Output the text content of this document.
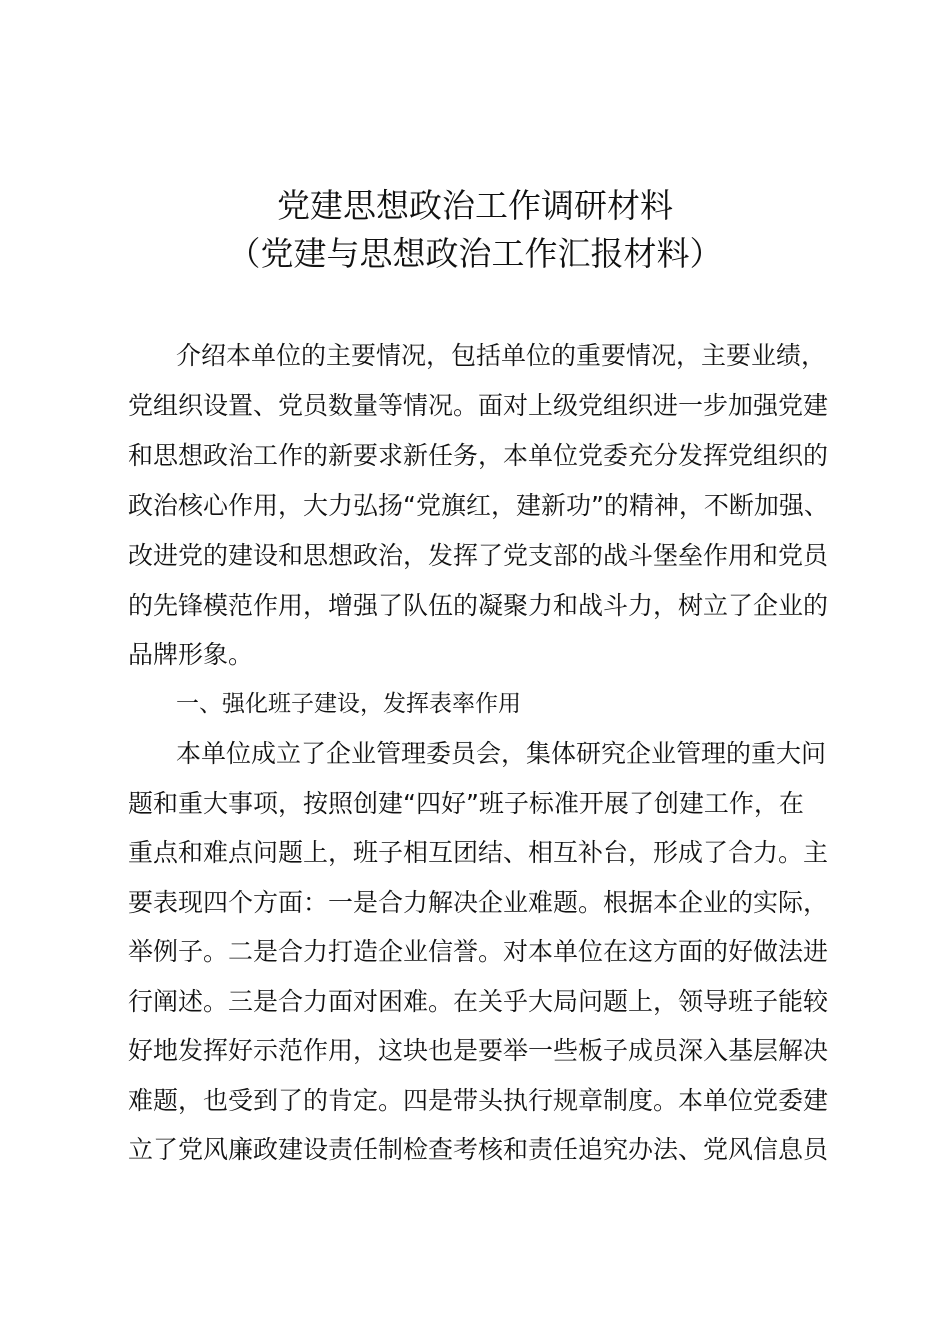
党建思想政治工作调研材料
（党建与思想政治工作汇报材料）
介绍本单位的主要情况，包括单位的重要情况，主要业绩，
党组织设置、党员数量等情况。面对上级党组织进一步加强党建
和思想政治工作的新要求新任务，本单位党委充分发挥党组织的
政治核心作用，大力弘扬“党旗红，建新功”的精神，不断加强、
改进党的建设和思想政治，发挥了党支部的战斗堡垒作用和党员
的先锋模范作用，增强了队伍的凝聚力和战斗力，树立了企业的
品牌形象。
一、强化班子建设，发挥表率作用
本单位成立了企业管理委员会，集体研究企业管理的重大问
题和重大事项，按照创建“四好”班子标准开展了创建工作，在
重点和难点问题上，班子相互团结、相互补台，形成了合力。主
要表现四个方面：一是合力解决企业难题。根据本企业的实际，
举例子。二是合力打造企业信誉。对本单位在这方面的好做法进
行阐述。三是合力面对困难。在关乎大局问题上，领导班子能较
好地发挥好示范作用，这块也是要举一些板子成员深入基层解决
难题，也受到了的肯定。四是带头执行规章制度。本单位党委建
立了党风廉政建设责任制检查考核和责任追究办法、党风信息员
